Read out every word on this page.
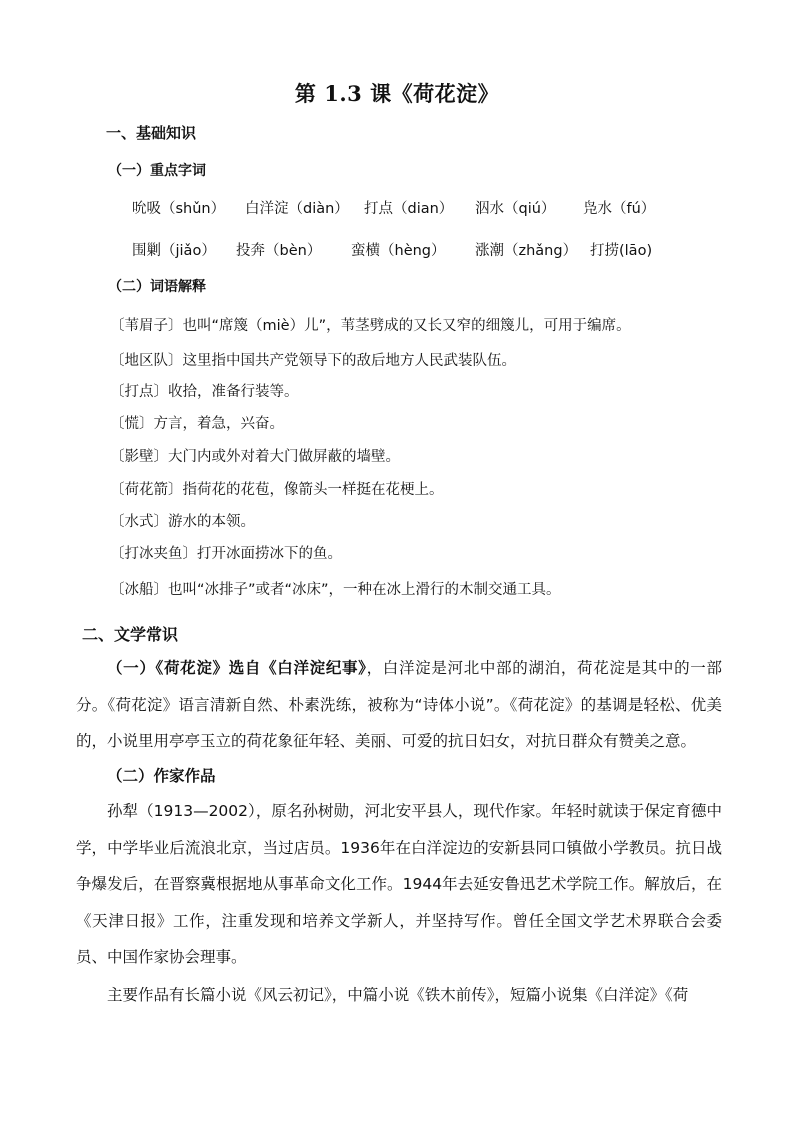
第 1.3 课《荷花淀》
一、基础知识
（一）重点字词
吮吸（shǔn） 白洋淀（diàn） 打点（dian） 泅水（qiú） 凫水（fú）
围剿（jiǎo） 投奔（bèn） 蛮横（hèng） 涨潮（zhǎng） 打捞(lāo)
（二）词语解释
〔苇眉子〕也叫“席篾（miè）儿”，苇茎劈成的又长又窄的细篾儿，可用于编席。
〔地区队〕这里指中国共产党领导下的敌后地方人民武装队伍。
〔打点〕收拾，准备行装等。
〔慌〕方言，着急，兴奋。
〔影壁〕大门内或外对着大门做屏蔽的墙壁。
〔荷花箭〕指荷花的花苞，像箭头一样挺在花梗上。
〔水式〕游水的本领。
〔打冰夹鱼〕打开冰面捞冰下的鱼。
〔冰船〕也叫“冰排子”或者“冰床”，一种在冰上滑行的木制交通工具。
二、文学常识
（一）《荷花淀》选自《白洋淀纪事》，白洋淀是河北中部的湖泊，荷花淀是其中的一部分。《荷花淀》语言清新自然、朴素洗练，被称为“诗体小说”。《荷花淀》的基调是轻松、优美的，小说里用亭亭玉立的荷花象征年轻、美丽、可爱的抗日妇女，对抗日群众有赞美之意。
（二）作家作品
孙犁（1913—2002），原名孙树勋，河北安平县人，现代作家。年轻时就读于保定育德中学，中学毕业后流浪北京，当过店员。1936年在白洋淀边的安新县同口镇做小学教员。抗日战争爆发后，在晋察冀根据地从事革命文化工作。1944年去延安鲁迅艺术学院工作。解放后，在《天津日报》工作，注重发现和培养文学新人，并坚持写作。曾任全国文学艺术界联合会委员、中国作家协会理事。
主要作品有长篇小说《风云初记》，中篇小说《铁木前传》，短篇小说集《白洋淀》《荷
